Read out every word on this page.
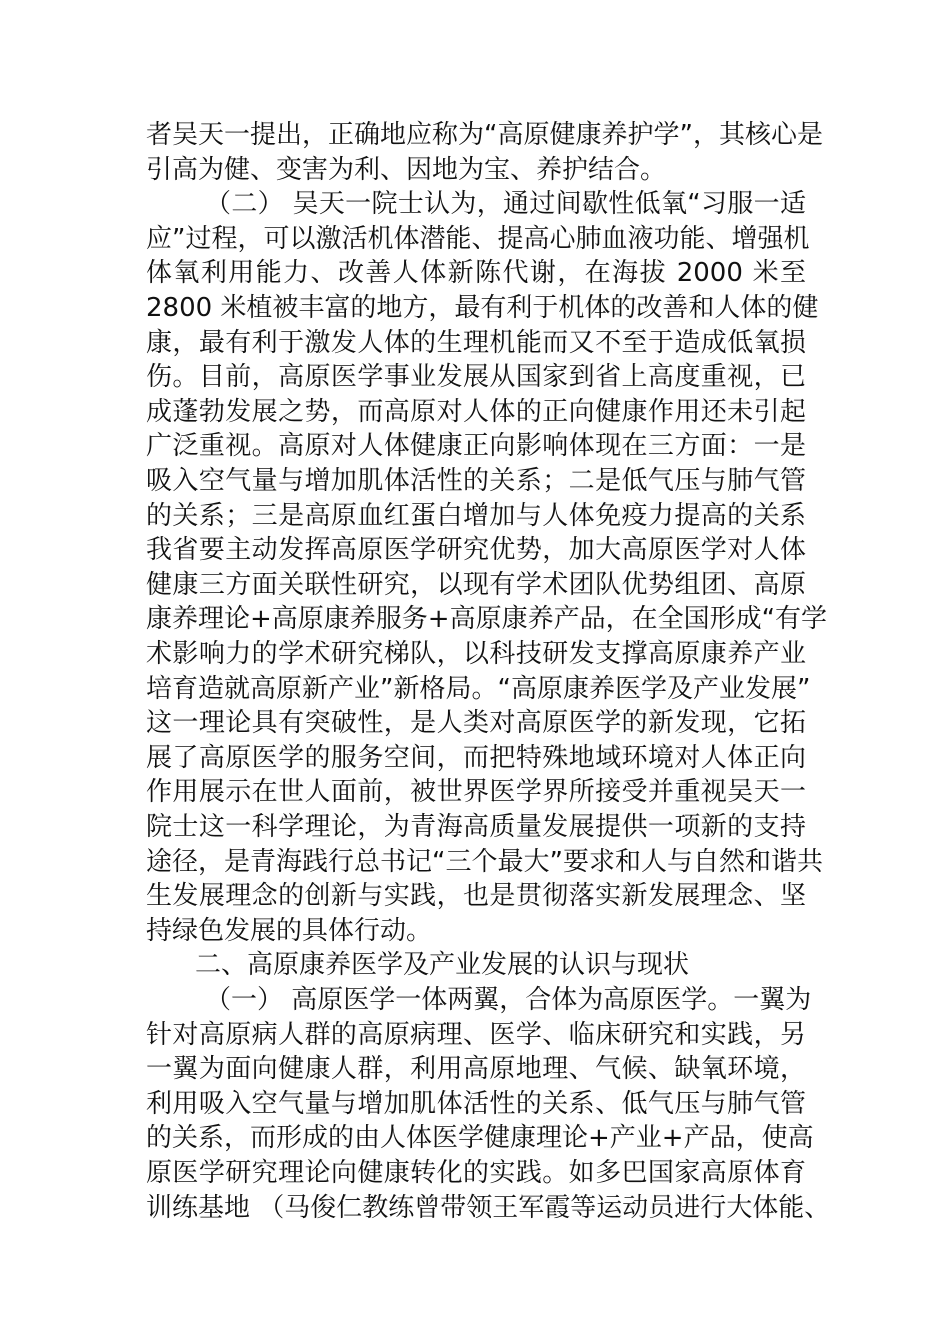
者吴天一提出，正确地应称为“高原健康养护学”，其核心是
引高为健、变害为利、因地为宝、养护结合。
（二） 吴天一院士认为，通过间歇性低氧“习服一适
应”过程，可以激活机体潜能、提高心肺血液功能、增强机
体氧利用能力、改善人体新陈代谢，在海拔 2000 米至
2800 米植被丰富的地方，最有利于机体的改善和人体的健
康，最有利于激发人体的生理机能而又不至于造成低氧损
伤。目前，高原医学事业发展从国家到省上高度重视，已
成蓬勃发展之势，而高原对人体的正向健康作用还未引起
广泛重视。高原对人体健康正向影响体现在三方面：一是
吸入空气量与增加肌体活性的关系；二是低气压与肺气管
的关系；三是高原血红蛋白增加与人体免疫力提高的关系
我省要主动发挥高原医学研究优势，加大高原医学对人体
健康三方面关联性研究，以现有学术团队优势组团、高原
康养理论+高原康养服务+高原康养产品，在全国形成“有学
术影响力的学术研究梯队，以科技研发支撑高原康养产业
培育造就高原新产业”新格局。“高原康养医学及产业发展”
这一理论具有突破性，是人类对高原医学的新发现，它拓
展了高原医学的服务空间，而把特殊地域环境对人体正向
作用展示在世人面前，被世界医学界所接受并重视吴天一
院士这一科学理论，为青海高质量发展提供一项新的支持
途径，是青海践行总书记“三个最大”要求和人与自然和谐共
生发展理念的创新与实践，也是贯彻落实新发展理念、坚
持绿色发展的具体行动。
二、高原康养医学及产业发展的认识与现状
（一） 高原医学一体两翼，合体为高原医学。一翼为
针对高原病人群的高原病理、医学、临床研究和实践，另
一翼为面向健康人群，利用高原地理、气候、缺氧环境，
利用吸入空气量与增加肌体活性的关系、低气压与肺气管
的关系，而形成的由人体医学健康理论+产业+产品，使高
原医学研究理论向健康转化的实践。如多巴国家高原体育
训练基地 （马俊仁教练曾带领王军霞等运动员进行大体能、
